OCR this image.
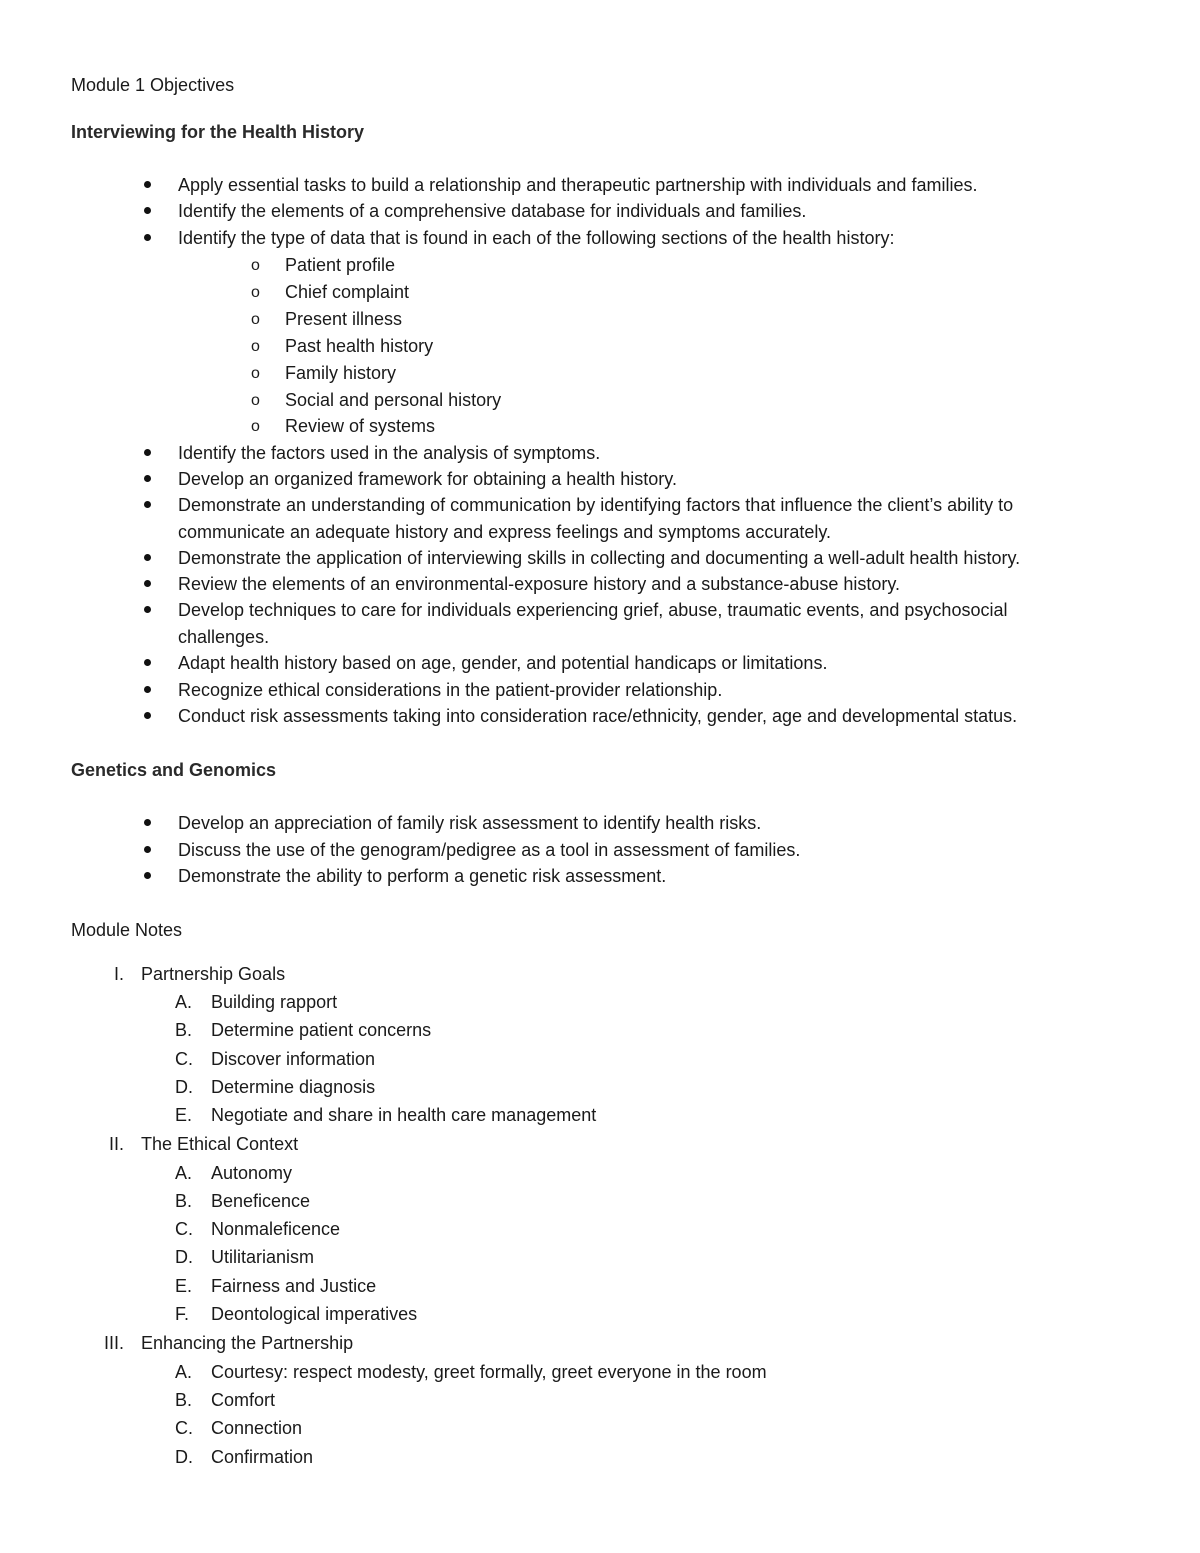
Module 1 Objectives
Interviewing for the Health History
Apply essential tasks to build a relationship and therapeutic partnership with individuals and families.
Identify the elements of a comprehensive database for individuals and families.
Identify the type of data that is found in each of the following sections of the health history:
o Patient profile
o Chief complaint
o Present illness
o Past health history
o Family history
o Social and personal history
o Review of systems
Identify the factors used in the analysis of symptoms.
Develop an organized framework for obtaining a health history.
Demonstrate an understanding of communication by identifying factors that influence the client’s ability to
communicate an adequate history and express feelings and symptoms accurately.
Demonstrate the application of interviewing skills in collecting and documenting a well-adult health history.
Review the elements of an environmental-exposure history and a substance-abuse history.
Develop techniques to care for individuals experiencing grief, abuse, traumatic events, and psychosocial
challenges.
Adapt health history based on age, gender, and potential handicaps or limitations.
Recognize ethical considerations in the patient-provider relationship.
Conduct risk assessments taking into consideration race/ethnicity, gender, age and developmental status.
Genetics and Genomics
Develop an appreciation of family risk assessment to identify health risks.
Discuss the use of the genogram/pedigree as a tool in assessment of families.
Demonstrate the ability to perform a genetic risk assessment.
Module Notes
I. Partnership Goals
A. Building rapport
B. Determine patient concerns
C. Discover information
D. Determine diagnosis
E. Negotiate and share in health care management
II. The Ethical Context
A. Autonomy
B. Beneficence
C. Nonmaleficence
D. Utilitarianism
E. Fairness and Justice
F. Deontological imperatives
III. Enhancing the Partnership
A. Courtesy: respect modesty, greet formally, greet everyone in the room
B. Comfort
C. Connection
D. Confirmation
